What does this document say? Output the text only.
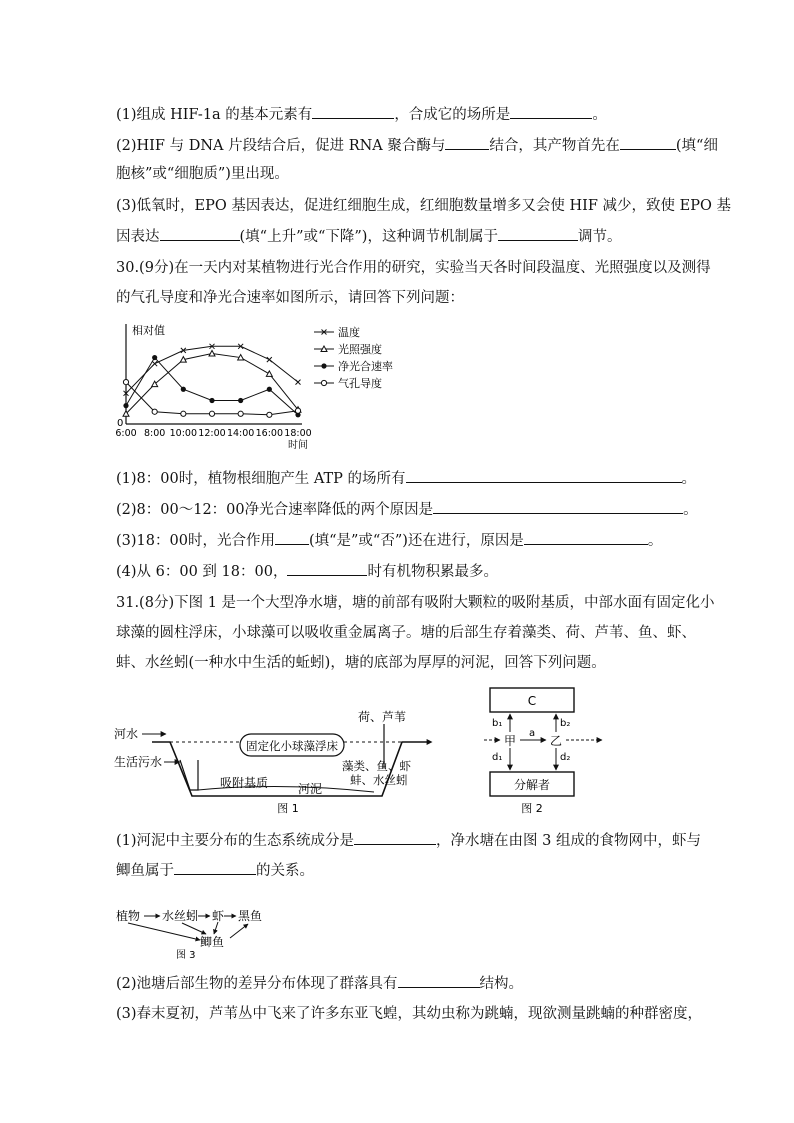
(1)组成 HIF-1a 的基本元素有	，合成它的场所是	。
(2)HIF 与 DNA 片段结合后，促进 RNA 聚合酶与	结合，其产物首先在	(填“细
胞核”或“细胞质”)里出现。
(3)低氧时，EPO 基因表达，促进红细胞生成，红细胞数量增多又会使 HIF 减少，致使 EPO 基
因表达	(填“上升”或“下降”)，这种调节机制属于	调节。
30.(9分)在一天内对某植物进行光合作用的研究，实验当天各时间段温度、光照强度以及测得
的气孔导度和净光合速率如图所示，请回答下列问题：
相对值
0
6:00 8:00 10:00 12:00 14:00 16:00 18:00
时间
温度
光照强度
净光合速率
气孔导度
(1)8：00时，植物根细胞产生 ATP 的场所有	。
(2)8：00～12：00净光合速率降低的两个原因是	。
(3)18：00时，光合作用 (填“是”或“否”)还在进行，原因是	。
(4)从 6：00 到 18：00，	时有机物积累最多。
31.(8分)下图 1 是一个大型净水塘，塘的前部有吸附大颗粒的吸附基质，中部水面有固定化小
球藻的圆柱浮床，小球藻可以吸收重金属离子。塘的后部生存着藻类、荷、芦苇、鱼、虾、
蚌、水丝蚓(一种水中生活的蚯蚓)，塘的底部为厚厚的河泥，回答下列问题。
固定化小球藻浮床
荷、芦苇
藻类、鱼、虾
蚌、水丝蚓
河水
生活污水
吸附基质 河泥
图 1
C
分解者
甲	乙
b₁	b₂
d₁	d₂
a
图 2
(1)河泥中主要分布的生态系统成分是	，净水塘在由图 3 组成的食物网中，虾与
鲫鱼属于	的关系。
植物 水丝蚓 虾 黑鱼
鲫鱼
图 3
(2)池塘后部生物的差异分布体现了群落具有	结构。
(3)春末夏初，芦苇丛中飞来了许多东亚飞蝗，其幼虫称为跳蝻，现欲测量跳蝻的种群密度，
